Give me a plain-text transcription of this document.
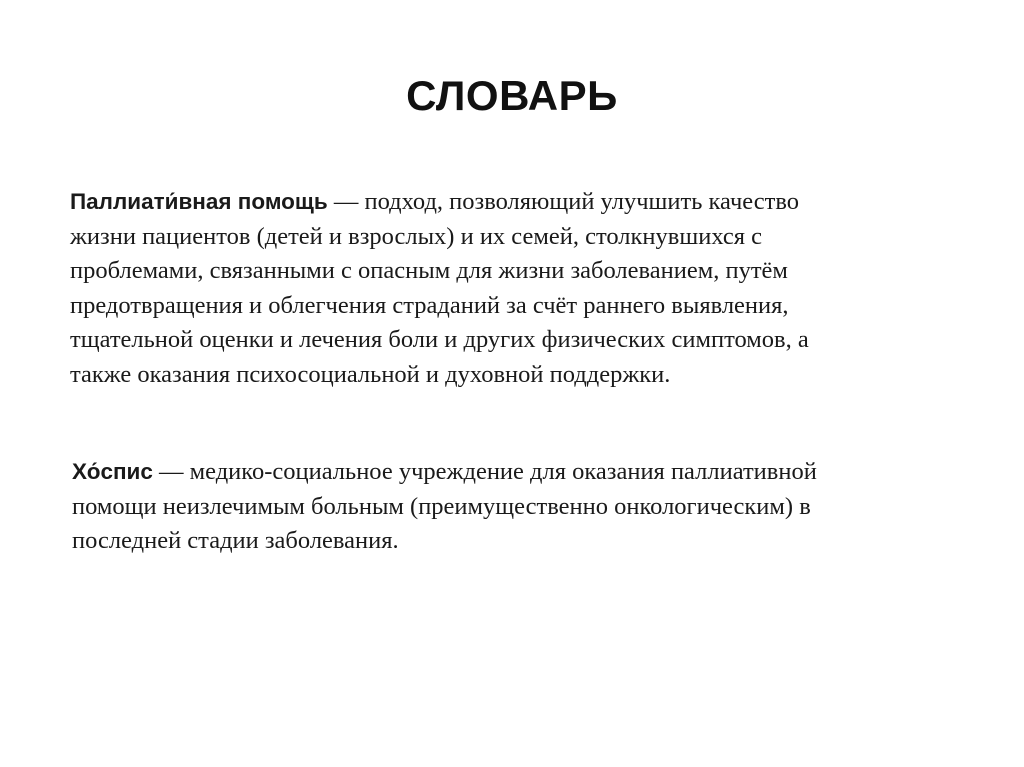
СЛОВАРЬ
Паллиати́вная помощь — подход, позволяющий улучшить качество
жизни пациентов (детей и взрослых) и их семей, столкнувшихся с
проблемами, связанными с опасным для жизни заболеванием, путём
предотвращения и облегчения страданий за счёт раннего выявления,
тщательной оценки и лечения боли и других физических симптомов, а
также оказания психосоциальной и духовной поддержки.
Хо́спис — медико-социальное учреждение для оказания паллиативной
помощи неизлечимым больным (преимущественно онкологическим) в
последней стадии заболевания.
